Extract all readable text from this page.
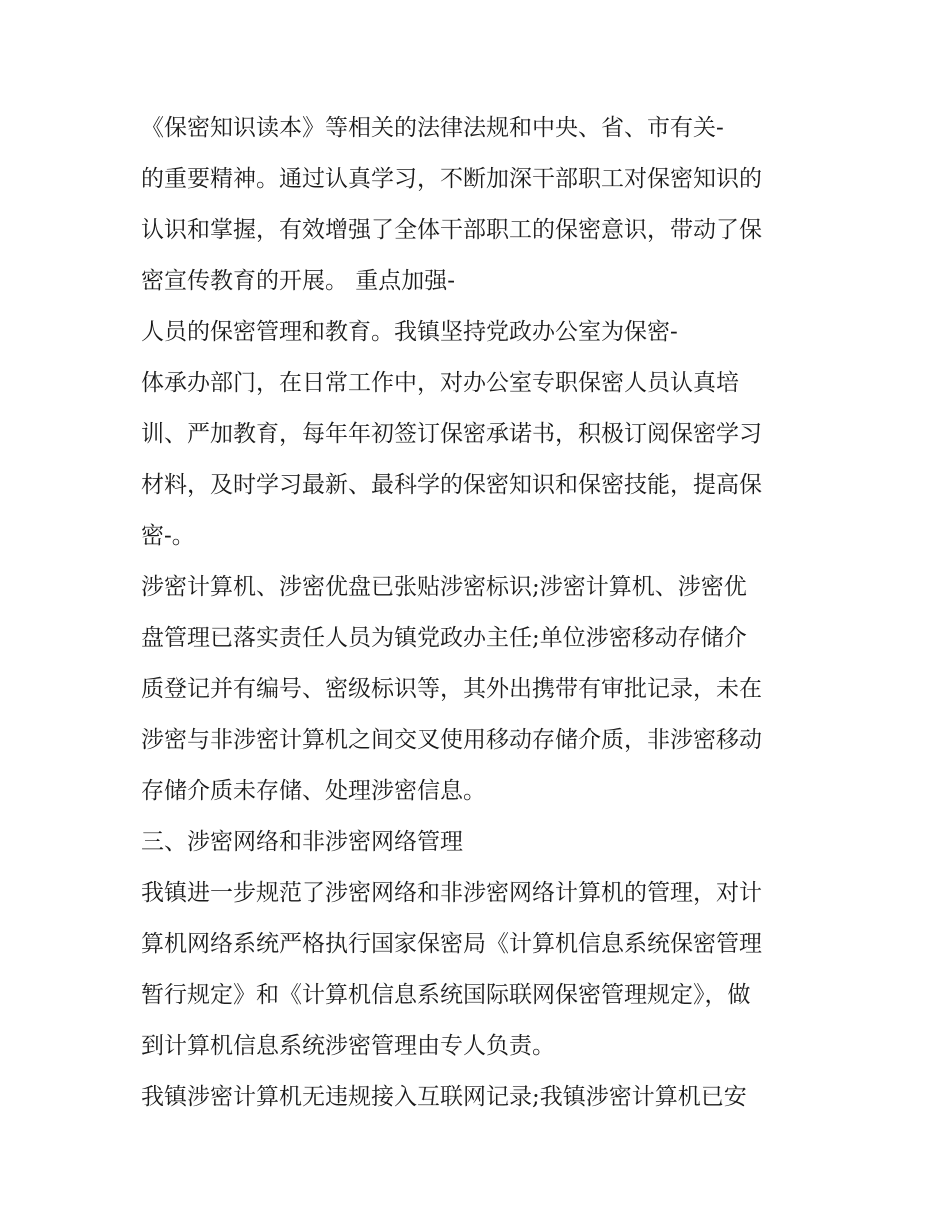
《保密知识读本》等相关的法律法规和中央、省、市有关-
的重要精神。通过认真学习，不断加深干部职工对保密知识的
认识和掌握，有效增强了全体干部职工的保密意识，带动了保
密宣传教育的开展。 重点加强-
人员的保密管理和教育。我镇坚持党政办公室为保密-
体承办部门，在日常工作中，对办公室专职保密人员认真培
训、严加教育，每年年初签订保密承诺书，积极订阅保密学习
材料，及时学习最新、最科学的保密知识和保密技能，提高保
密-。
涉密计算机、涉密优盘已张贴涉密标识;涉密计算机、涉密优
盘管理已落实责任人员为镇党政办主任;单位涉密移动存储介
质登记并有编号、密级标识等，其外出携带有审批记录，未在
涉密与非涉密计算机之间交叉使用移动存储介质，非涉密移动
存储介质未存储、处理涉密信息。
三、涉密网络和非涉密网络管理
我镇进一步规范了涉密网络和非涉密网络计算机的管理，对计
算机网络系统严格执行国家保密局《计算机信息系统保密管理
暂行规定》和《计算机信息系统国际联网保密管理规定》，做
到计算机信息系统涉密管理由专人负责。
我镇涉密计算机无违规接入互联网记录;我镇涉密计算机已安
